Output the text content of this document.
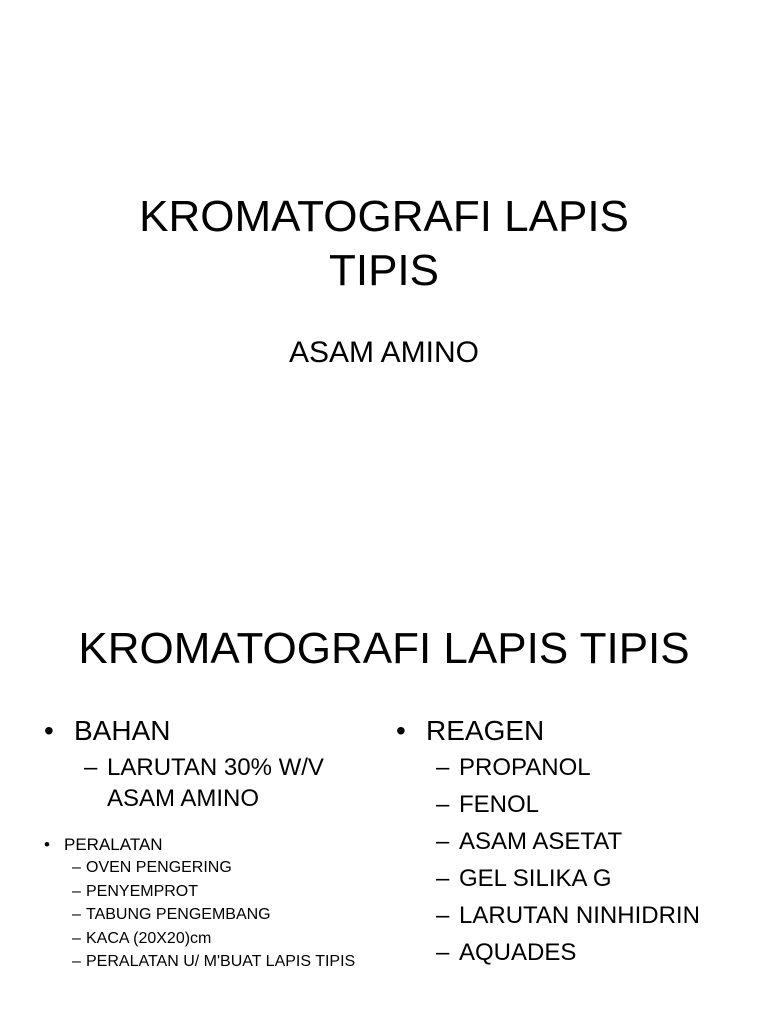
KROMATOGRAFI LAPIS
TIPIS
ASAM AMINO
KROMATOGRAFI LAPIS TIPIS
• BAHAN
– LARUTAN 30% W/V ASAM AMINO
• PERALATAN
– OVEN PENGERING
– PENYEMPROT
– TABUNG PENGEMBANG
– KACA (20X20)cm
– PERALATAN U/ M'BUAT LAPIS TIPIS
• REAGEN
– PROPANOL
– FENOL
– ASAM ASETAT
– GEL SILIKA G
– LARUTAN NINHIDRIN
– AQUADES
